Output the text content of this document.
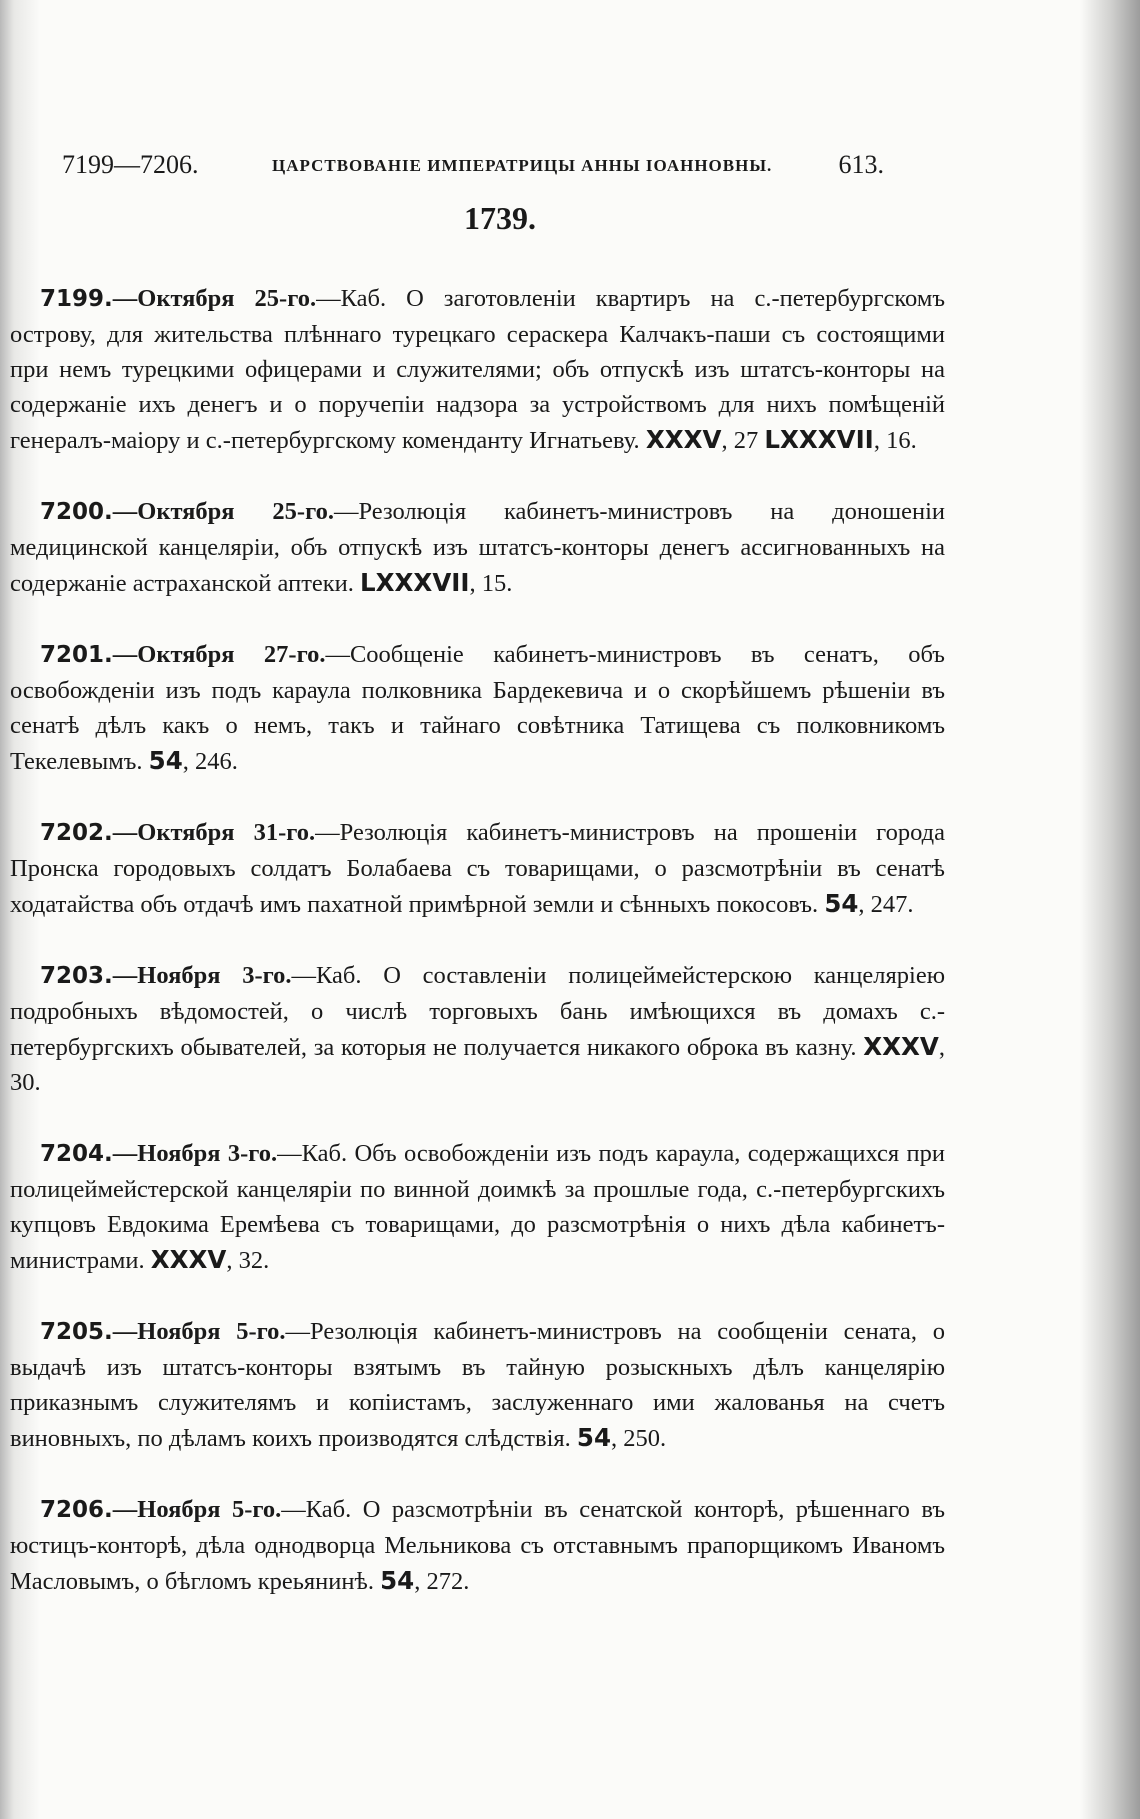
7199—7206.	ЦАРСТВОВАНІЕ ИМПЕРАТРИЦЫ АННЫ ІОАННОВНЫ.	613.
1739.

7199.—Октября 25-го.—Каб. О заготовленіи квартиръ на с.-петербургскомъ острову, для жительства плѣннаго турецкаго сераскера Калчакъ-паши съ состоящими при немъ турецкими офицерами и служителями; объ отпускѣ изъ штатсъ-конторы на содержаніе ихъ денегъ и о поручепіи надзора за устройствомъ для нихъ помѣщеній генералъ-маіору и с.-петербургскому коменданту Игнатьеву. XXXV, 27 LXXXVII, 16.

7200.—Октября 25-го.—Резолюція кабинетъ-министровъ на доношеніи медицинской канцеляріи, объ отпускѣ изъ штатсъ-конторы денегъ ассигнованныхъ на содержаніе астраханской аптеки. LXXXVII, 15.

7201.—Октября 27-го.—Сообщеніе кабинетъ-министровъ въ сенатъ, объ освобожденіи изъ подъ караула полковника Бардекевича и о скорѣйшемъ рѣшеніи въ сенатѣ дѣлъ какъ о немъ, такъ и тайнаго совѣтника Татищева съ полковникомъ Текелевымъ. 54, 246.

7202.—Октября 31-го.—Резолюція кабинетъ-министровъ на прошеніи города Пронска городовыхъ солдатъ Болабаева съ товарищами, о разсмотрѣніи въ сенатѣ ходатайства объ отдачѣ имъ пахатной примѣрной земли и сѣнныхъ покосовъ. 54, 247.

7203.—Ноября 3-го.—Каб. О составленіи полицеймейстерскою канцеляріею подробныхъ вѣдомостей, о числѣ торговыхъ бань имѣющихся въ домахъ с.-петербургскихъ обывателей, за которыя не получается никакого оброка въ казну. XXXV, 30.

7204.—Ноября 3-го.—Каб. Объ освобожденіи изъ подъ караула, содержащихся при полицеймейстерской канцеляріи по винной доимкѣ за прошлые года, с.-петербургскихъ купцовъ Евдокима Еремѣева съ товарищами, до разсмотрѣнія о нихъ дѣла кабинетъ-министрами. XXXV, 32.

7205.—Ноября 5-го.—Резолюція кабинетъ-министровъ на сообщеніи сената, о выдачѣ изъ штатсъ-конторы взятымъ въ тайную розыскныхъ дѣлъ канцелярію приказнымъ служителямъ и копіистамъ, заслуженнаго ими жалованья на счетъ виновныхъ, по дѣламъ коихъ производятся слѣдствія. 54, 250.

7206.—Ноября 5-го.—Каб. О разсмотрѣніи въ сенатской конторѣ, рѣшеннаго въ юстицъ-конторѣ, дѣла однодворца Мельникова съ отставнымъ прапорщикомъ Иваномъ Масловымъ, о бѣгломъ креьянинѣ. 54, 272.
